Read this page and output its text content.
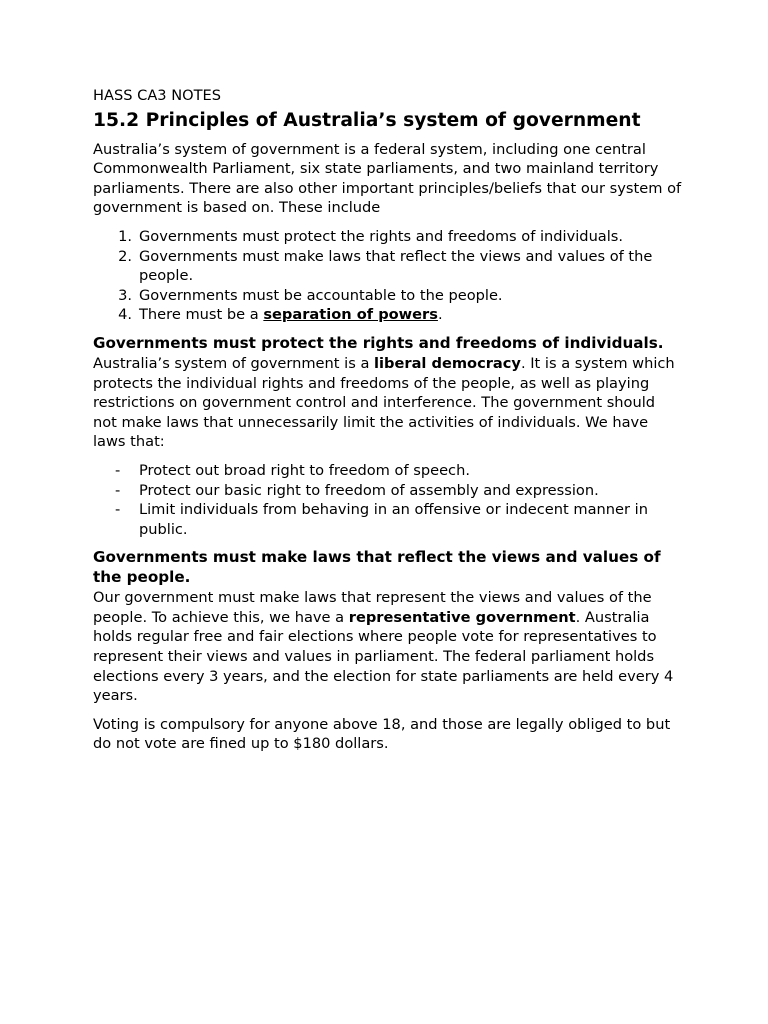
HASS CA3 NOTES

15.2 Principles of Australia’s system of government

Australia’s system of government is a federal system, including one central Commonwealth Parliament, six state parliaments, and two mainland territory parliaments. There are also other important principles/beliefs that our system of government is based on. These include

1. Governments must protect the rights and freedoms of individuals.
2. Governments must make laws that reflect the views and values of the people.
3. Governments must be accountable to the people.
4. There must be a separation of powers.
Governments must protect the rights and freedoms of individuals.

Australia’s system of government is a liberal democracy. It is a system which protects the individual rights and freedoms of the people, as well as playing restrictions on government control and interference. The government should not make laws that unnecessarily limit the activities of individuals. We have laws that:

- Protect out broad right to freedom of speech.
- Protect our basic right to freedom of assembly and expression.
- Limit individuals from behaving in an offensive or indecent manner in public.
Governments must make laws that reflect the views and values of the people.

Our government must make laws that represent the views and values of the people. To achieve this, we have a representative government. Australia holds regular free and fair elections where people vote for representatives to represent their views and values in parliament. The federal parliament holds elections every 3 years, and the election for state parliaments are held every 4 years.

Voting is compulsory for anyone above 18, and those are legally obliged to but do not vote are fined up to $180 dollars.
